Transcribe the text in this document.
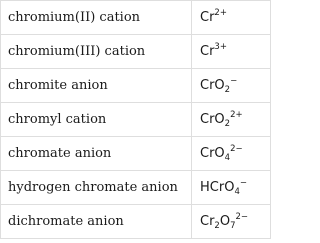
chromium(II) cation	$Cr^{2+}$
chromium(III) cation	$Cr^{3+}$
chromite anion	CrO$_2$−
chromyl cation	CrO$_2^{2+}$
chromate anion	CrO$_4^{2-}$
hydrogen chromate anion	HCrO$_4$−
dichromate anion	$Cr_2O_7^{2-}$
